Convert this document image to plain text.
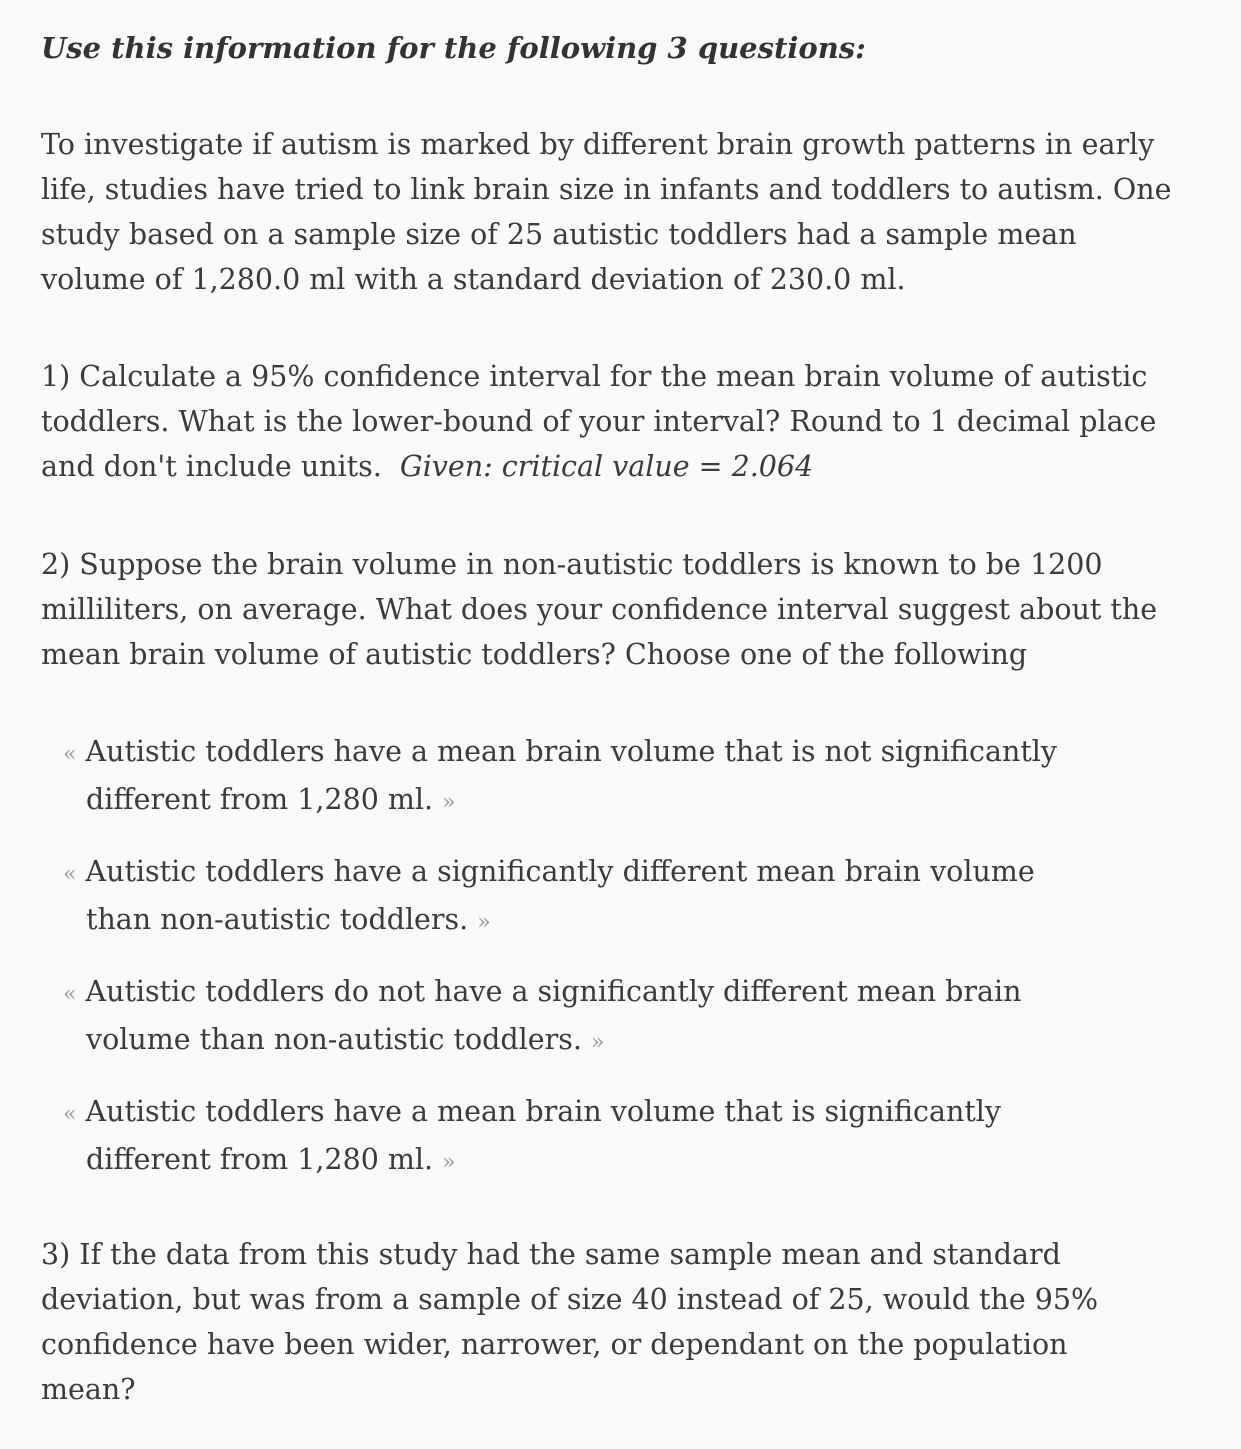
Use this information for the following 3 questions:
To investigate if autism is marked by different brain growth patterns in early
life, studies have tried to link brain size in infants and toddlers to autism. One
study based on a sample size of 25 autistic toddlers had a sample mean
volume of 1,280.0 ml with a standard deviation of 230.0 ml.
1) Calculate a 95% confidence interval for the mean brain volume of autistic
toddlers. What is the lower-bound of your interval? Round to 1 decimal place
and don't include units.  Given: critical value = 2.064
2) Suppose the brain volume in non-autistic toddlers is known to be 1200
milliliters, on average. What does your confidence interval suggest about the
mean brain volume of autistic toddlers? Choose one of the following
« Autistic toddlers have a mean brain volume that is not significantly
different from 1,280 ml. »
« Autistic toddlers have a significantly different mean brain volume
than non-autistic toddlers. »
« Autistic toddlers do not have a significantly different mean brain
volume than non-autistic toddlers. »
« Autistic toddlers have a mean brain volume that is significantly
different from 1,280 ml. »
3) If the data from this study had the same sample mean and standard
deviation, but was from a sample of size 40 instead of 25, would the 95%
confidence have been wider, narrower, or dependant on the population
mean?
